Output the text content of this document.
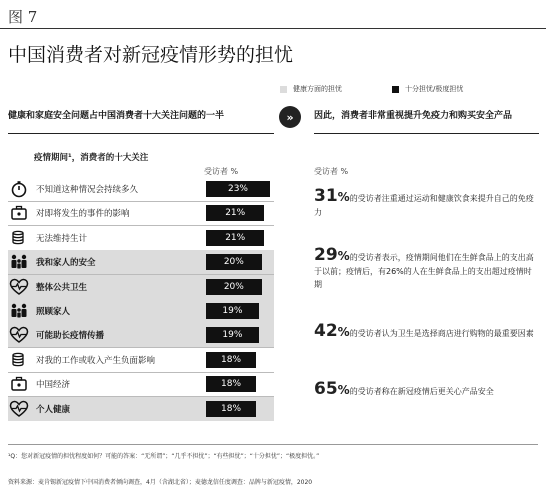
图 7
中国消费者对新冠疫情形势的担忧
健康方面的担忧	十分担忧/极度担忧
健康和家庭安全问题占中国消费者十大关注问题的一半	»	因此，消费者非常重视提升免疫力和购买安全产品
疫情期间¹，消费者的十大关注
受访者 %	受访者 %
不知道这种情况会持续多久	23%
对即将发生的事件的影响	21%
无法维持生计	21%
我和家人的安全	20%
整体公共卫生	20%
照顾家人	19%
可能助长疫情传播	19%
对我的工作或收入产生负面影响	18%
中国经济	18%
个人健康	18%
31%的受访者注重通过运动和健康饮食来提升自己的免疫力
29%的受访者表示，疫情期间他们在生鲜食品上的支出高于以前；疫情后，有26%的人在生鲜食品上的支出超过疫情时期
42%的受访者认为卫生是选择商店进行购物的最重要因素
65%的受访者称在新冠疫情后更关心产品安全
¹Q：您对新冠疫情的担忧程度如何？可能的答案：“无所谓”；“几乎不担忧”；“有些担忧”；“十分担忧”；“极度担忧。”
资料来源：麦肯锡新冠疫情下中国消费者倾向调查，4月（含湖北省）；麦德龙信任度调查：品牌与新冠疫情，2020
